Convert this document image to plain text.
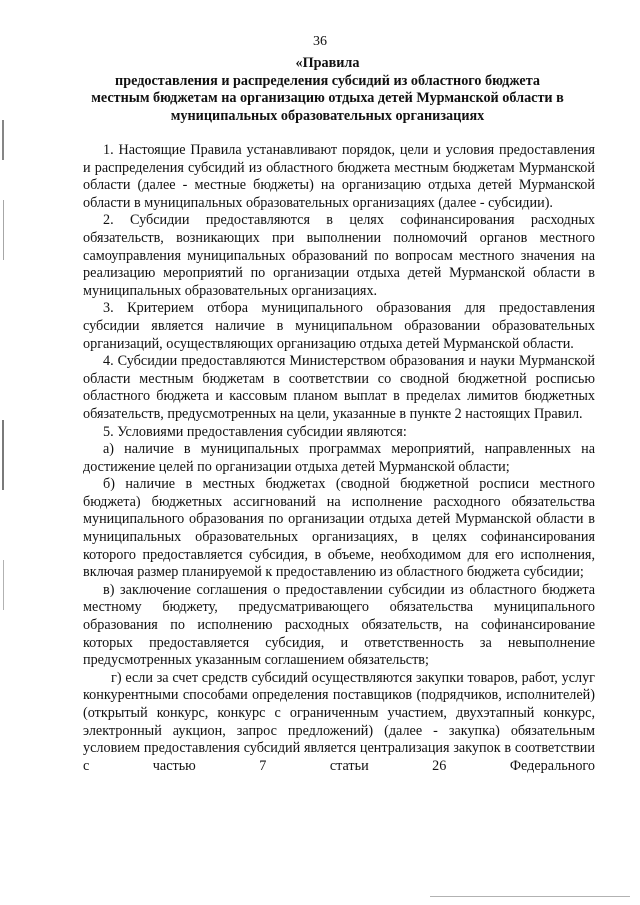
36
«Правила
предоставления и распределения субсидий из областного бюджета
местным бюджетам на организацию отдыха детей Мурманской области в
муниципальных образовательных организациях

1. Настоящие Правила устанавливают порядок, цели и условия предоставления и распределения субсидий из областного бюджета местным бюджетам Мурманской области (далее - местные бюджеты) на организацию отдыха детей Мурманской области в муниципальных образовательных организациях (далее - субсидии).

2. Субсидии предоставляются в целях софинансирования расходных обязательств, возникающих при выполнении полномочий органов местного самоуправления муниципальных образований по вопросам местного значения на реализацию мероприятий по организации отдыха детей Мурманской области в муниципальных образовательных организациях.

3. Критерием отбора муниципального образования для предоставления субсидии является наличие в муниципальном образовании образовательных организаций, осуществляющих организацию отдыха детей Мурманской области.

4. Субсидии предоставляются Министерством образования и науки Мурманской области местным бюджетам в соответствии со сводной бюджетной росписью областного бюджета и кассовым планом выплат в пределах лимитов бюджетных обязательств, предусмотренных на цели, указанные в пункте 2 настоящих Правил.

5. Условиями предоставления субсидии являются:

а) наличие в муниципальных программах мероприятий, направленных на достижение целей по организации отдыха детей Мурманской области;

б) наличие в местных бюджетах (сводной бюджетной росписи местного бюджета) бюджетных ассигнований на исполнение расходного обязательства муниципального образования по организации отдыха детей Мурманской области в муниципальных образовательных организациях, в целях софинансирования которого предоставляется субсидия, в объеме, необходимом для его исполнения, включая размер планируемой к предоставлению из областного бюджета субсидии;

в) заключение соглашения о предоставлении субсидии из областного бюджета местному бюджету, предусматривающего обязательства муниципального образования по исполнению расходных обязательств, на софинансирование которых предоставляется субсидия, и ответственность за невыполнение предусмотренных указанным соглашением обязательств;

г) если за счет средств субсидий осуществляются закупки товаров, работ, услуг конкурентными способами определения поставщиков (подрядчиков, исполнителей) (открытый конкурс, конкурс с ограниченным участием, двухэтапный конкурс, электронный аукцион, запрос предложений) (далее - закупка) обязательным условием предоставления субсидий является централизация закупок в соответствии с частью 7 статьи 26 Федерального
